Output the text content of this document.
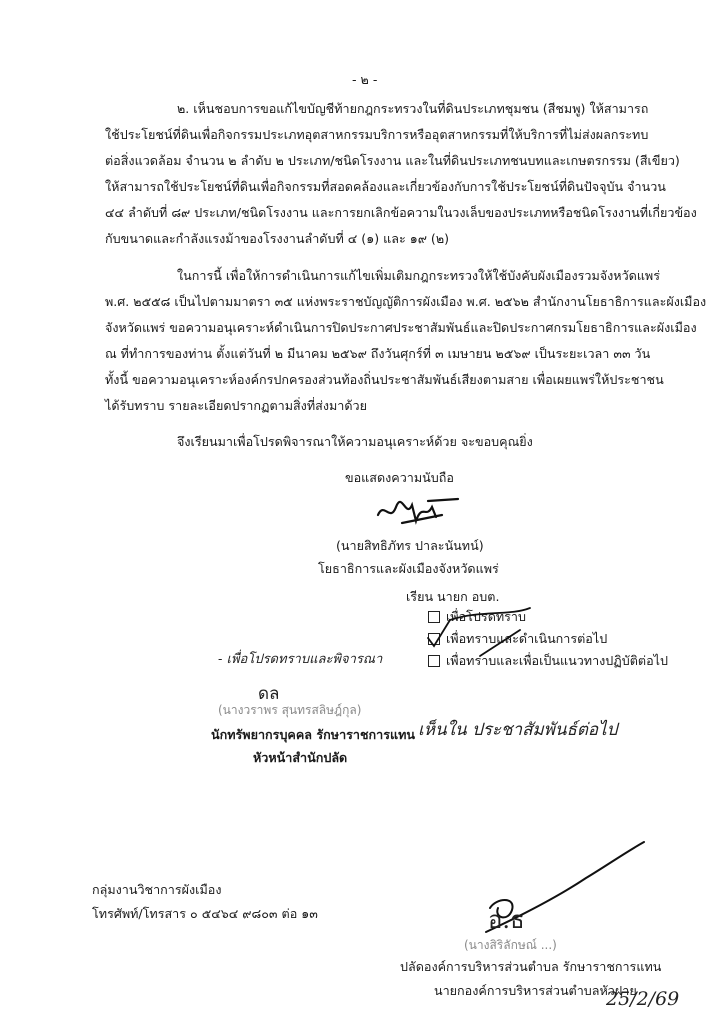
- ๒ -
๒. เห็นชอบการขอแก้ไขบัญชีท้ายกฎกระทรวงในที่ดินประเภทชุมชน (สีชมพู) ให้สามารถ
ใช้ประโยชน์ที่ดินเพื่อกิจกรรมประเภทอุตสาหกรรมบริการหรืออุตสาหกรรมที่ให้บริการที่ไม่ส่งผลกระทบ
ต่อสิ่งแวดล้อม จำนวน ๒ ลำดับ ๒ ประเภท/ชนิดโรงงาน และในที่ดินประเภทชนบทและเกษตรกรรม (สีเขียว)
ให้สามารถใช้ประโยชน์ที่ดินเพื่อกิจกรรมที่สอดคล้องและเกี่ยวข้องกับการใช้ประโยชน์ที่ดินปัจจุบัน จำนวน
๔๔ ลำดับที่ ๘๙ ประเภท/ชนิดโรงงาน และการยกเลิกข้อความในวงเล็บของประเภทหรือชนิดโรงงานที่เกี่ยวข้อง
กับขนาดและกำลังแรงม้าของโรงงานลำดับที่ ๔ (๑) และ ๑๙ (๒)
ในการนี้ เพื่อให้การดำเนินการแก้ไขเพิ่มเติมกฎกระทรวงให้ใช้บังคับผังเมืองรวมจังหวัดแพร่
พ.ศ. ๒๕๕๘ เป็นไปตามมาตรา ๓๕ แห่งพระราชบัญญัติการผังเมือง พ.ศ. ๒๕๖๒ สำนักงานโยธาธิการและผังเมือง
จังหวัดแพร่ ขอความอนุเคราะห์ดำเนินการปิดประกาศประชาสัมพันธ์และปิดประกาศกรมโยธาธิการและผังเมือง
ณ ที่ทำการของท่าน ตั้งแต่วันที่ ๒ มีนาคม ๒๕๖๙ ถึงวันศุกร์ที่ ๓ เมษายน ๒๕๖๙ เป็นระยะเวลา ๓๓ วัน
ทั้งนี้ ขอความอนุเคราะห์องค์กรปกครองส่วนท้องถิ่นประชาสัมพันธ์เสียงตามสาย เพื่อเผยแพร่ให้ประชาชน
ได้รับทราบ รายละเอียดปรากฏตามสิ่งที่ส่งมาด้วย
จึงเรียนมาเพื่อโปรดพิจารณาให้ความอนุเคราะห์ด้วย จะขอบคุณยิ่ง
ขอแสดงความนับถือ
(นายสิทธิภัทร ปาละนันทน์)
โยธาธิการและผังเมืองจังหวัดแพร่
เรียน นายก อบต.
เพื่อโปรดทราบ
เพื่อทราบและดำเนินการต่อไป
เพื่อทราบและเพื่อเป็นแนวทางปฏิบัติต่อไป
- เพื่อโปรดทราบและพิจารณา
ดล
(นางวราพร สุนทรสลิษฎ์กุล)
นักทรัพยากรบุคคล รักษาราชการแทน
หัวหน้าสำนักปลัด
เห็นใน ประชาสัมพันธ์ต่อไป
กลุ่มงานวิชาการผังเมือง
โทรศัพท์/โทรสาร ๐ ๕๔๖๔ ๙๘๐๓ ต่อ ๑๓	อ.ธ
(นางสิริลักษณ์ ...)
ปลัดองค์การบริหารส่วนตำบล รักษาราชการแทน
นายกองค์การบริหารส่วนตำบลหัวฝาย
25/2/69
